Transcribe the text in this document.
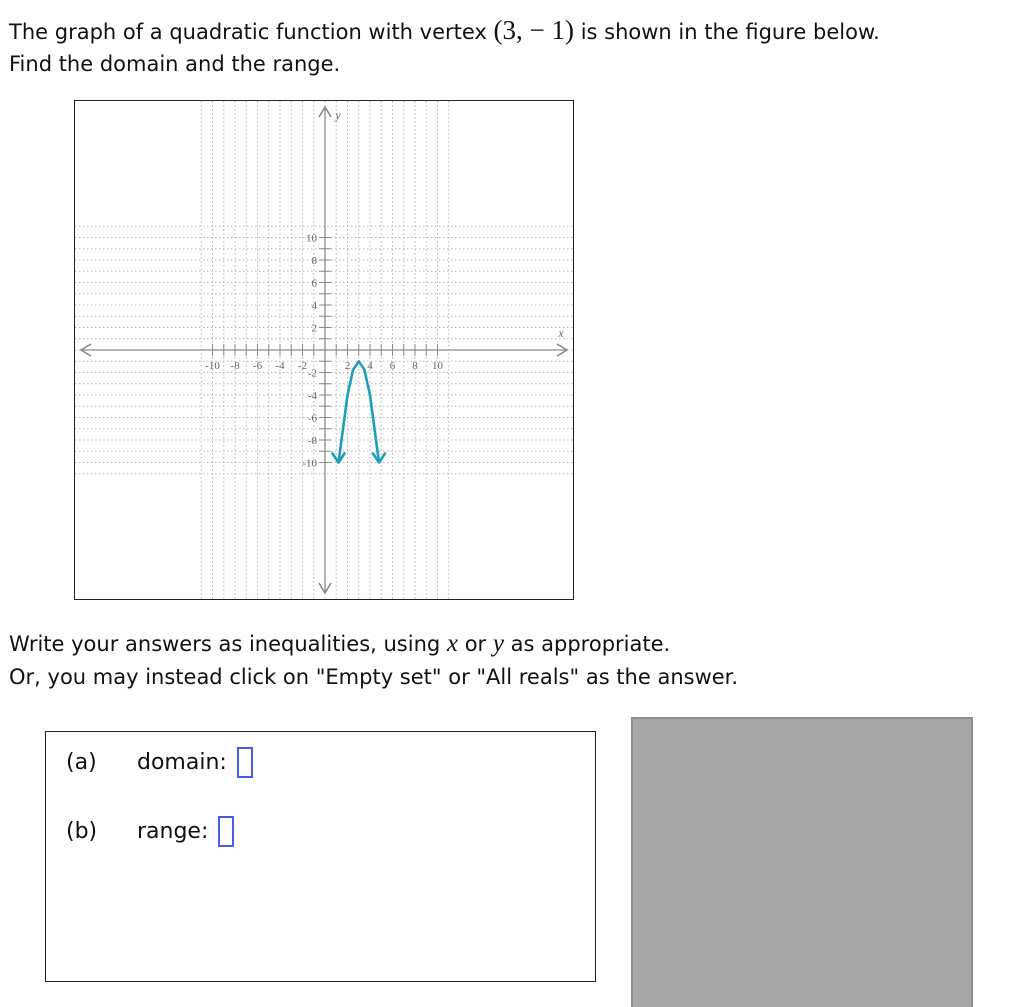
The graph of a quadratic function with vertex (3, − 1) is shown in the figure below.
Find the domain and the range.
-10 -8 -6 -4 -2	2 4 6 8 10
10
8
6
4
2
-2
-4
-6
-8
-10
x
y
Write your answers as inequalities, using x or y as appropriate.
Or, you may instead click on "Empty set" or "All reals" as the answer.
(a)	domain:
(b)	range:
